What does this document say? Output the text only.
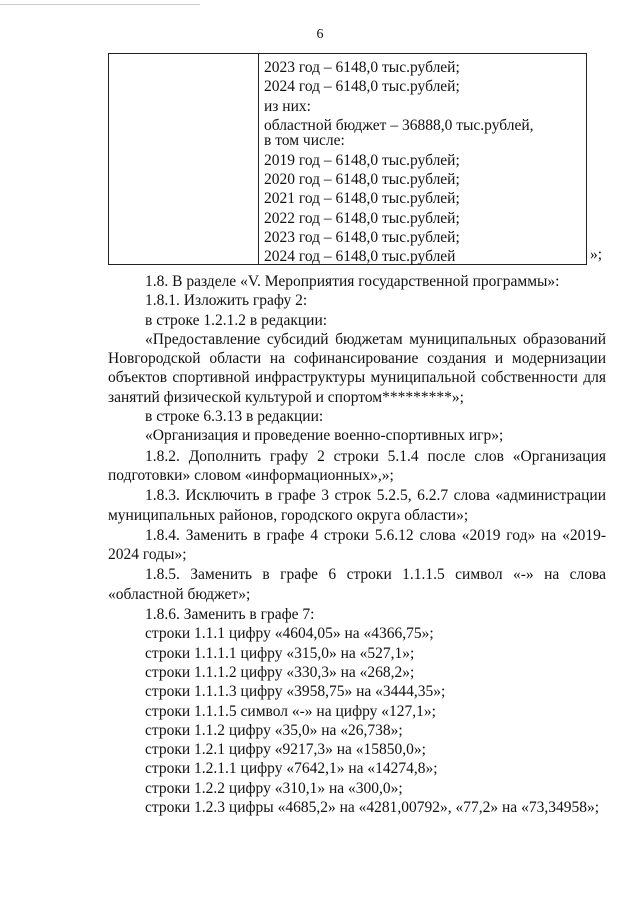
6
2023 год – 6148,0 тыс.рублей;
2024 год – 6148,0 тыс.рублей;
из них:
областной бюджет – 36888,0 тыс.рублей, в том числе:
2019 год – 6148,0 тыс.рублей;
2020 год – 6148,0 тыс.рублей;
2021 год – 6148,0 тыс.рублей;
2022 год – 6148,0 тыс.рублей;
2023 год – 6148,0 тыс.рублей;
2024 год – 6148,0 тыс.рублей	»;
1.8. В разделе «V. Мероприятия государственной программы»:
1.8.1. Изложить графу 2:
в строке 1.2.1.2 в редакции:
«Предоставление субсидий бюджетам муниципальных образований Новгородской области на софинансирование создания и модернизации объектов спортивной инфраструктуры муниципальной собственности для занятий физической культурой и спортом*********»;
в строке 6.3.13 в редакции:
«Организация и проведение военно-спортивных игр»;
1.8.2. Дополнить графу 2 строки 5.1.4 после слов «Организация подготовки» словом «информационных»,»;
1.8.3. Исключить в графе 3 строк 5.2.5, 6.2.7 слова «администрации муниципальных районов, городского округа области»;
1.8.4. Заменить в графе 4 строки 5.6.12 слова «2019 год» на «2019-2024 годы»;
1.8.5. Заменить в графе 6 строки 1.1.1.5 символ «-» на слова «областной бюджет»;
1.8.6. Заменить в графе 7:
строки 1.1.1 цифру «4604,05» на «4366,75»;
строки 1.1.1.1 цифру «315,0» на «527,1»;
строки 1.1.1.2 цифру «330,3» на «268,2»;
строки 1.1.1.3 цифру «3958,75» на «3444,35»;
строки 1.1.1.5 символ «-» на цифру «127,1»;
строки 1.1.2 цифру «35,0» на «26,738»;
строки 1.2.1 цифру «9217,3» на «15850,0»;
строки 1.2.1.1 цифру «7642,1» на «14274,8»;
строки 1.2.2 цифру «310,1» на «300,0»;
строки 1.2.3 цифры «4685,2» на «4281,00792», «77,2» на «73,34958»;
